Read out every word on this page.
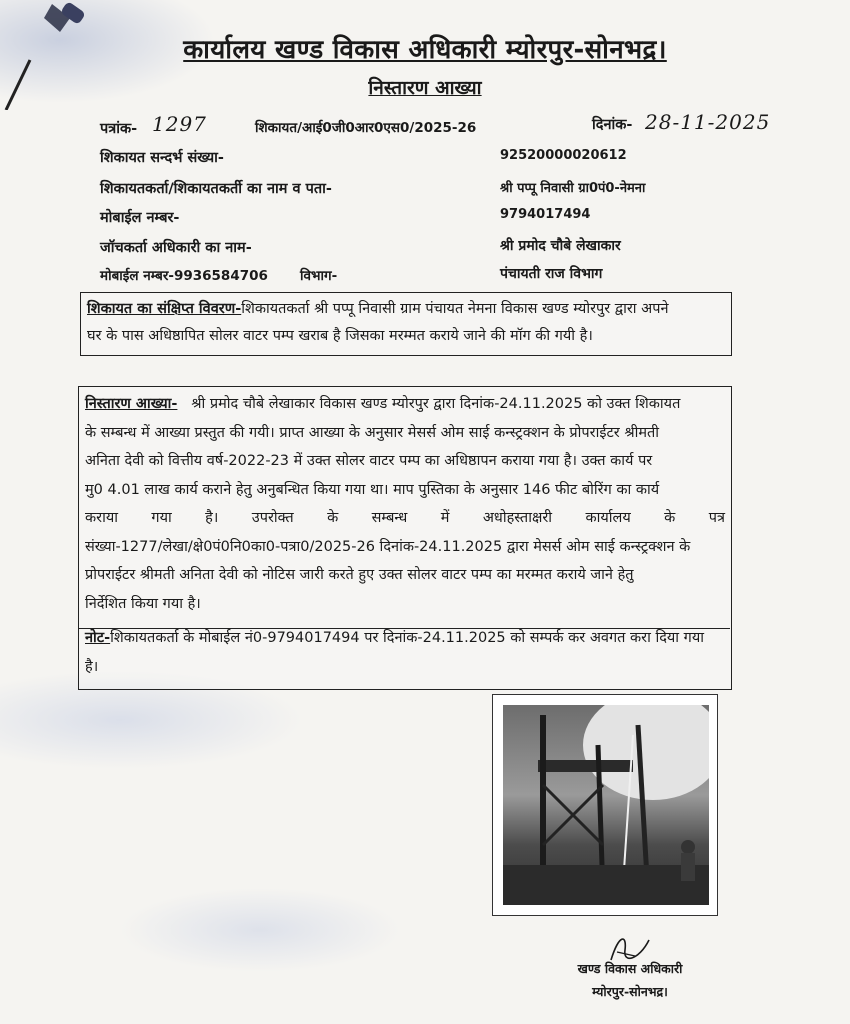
कार्यालय खण्ड विकास अधिकारी म्योरपुर-सोनभद्र।
निस्तारण आख्या
पत्रांक- 1297	शिकायत/आई0जी0आर0एस0/2025-26	दिनांक- 28-11-2025
शिकायत सन्दर्भ संख्या-	92520000020612
शिकायतकर्ता/शिकायतकर्ती का नाम व पता-	श्री पप्पू निवासी ग्रा0पं0-नेमना
मोबाईल नम्बर-	9794017494
जॉचकर्ता अधिकारी का नाम-	श्री प्रमोद चौबे लेखाकार
मोबाईल नम्बर-9936584706 विभाग-	पंचायती राज विभाग
शिकायत का संक्षिप्त विवरण-शिकायतकर्ता श्री पप्पू निवासी ग्राम पंचायत नेमना विकास खण्ड म्योरपुर द्वारा अपने
घर के पास अधिष्ठापित सोलर वाटर पम्प खराब है जिसका मरम्मत कराये जाने की मॉग की गयी है।
निस्तारण आख्या- श्री प्रमोद चौबे लेखाकार विकास खण्ड म्योरपुर द्वारा दिनांक-24.11.2025 को उक्त शिकायत
के सम्बन्ध में आख्या प्रस्तुत की गयी। प्राप्त आख्या के अनुसार मेसर्स ओम साई कन्स्ट्रक्शन के प्रोपराईटर श्रीमती
अनिता देवी को वित्तीय वर्ष-2022-23 में उक्त सोलर वाटर पम्प का अधिष्ठापन कराया गया है। उक्त कार्य पर
मु0 4.01 लाख कार्य कराने हेतु अनुबन्धित किया गया था। माप पुस्तिका के अनुसार 146 फीट बोरिंग का कार्य
कराया गया है। उपरोक्त के सम्बन्ध में अधोहस्ताक्षरी कार्यालय के पत्र
संख्या-1277/लेखा/क्षे0पं0नि0का0-पत्रा0/2025-26 दिनांक-24.11.2025 द्वारा मेसर्स ओम साई कन्स्ट्रक्शन के
प्रोपराईटर श्रीमती अनिता देवी को नोटिस जारी करते हुए उक्त सोलर वाटर पम्प का मरम्मत कराये जाने हेतु
निर्देशित किया गया है।
नोट-शिकायतकर्ता के मोबाईल नं0-9794017494 पर दिनांक-24.11.2025 को सम्पर्क कर अवगत करा दिया गया
है।
खण्ड विकास अधिकारी
म्योरपुर-सोनभद्र।
